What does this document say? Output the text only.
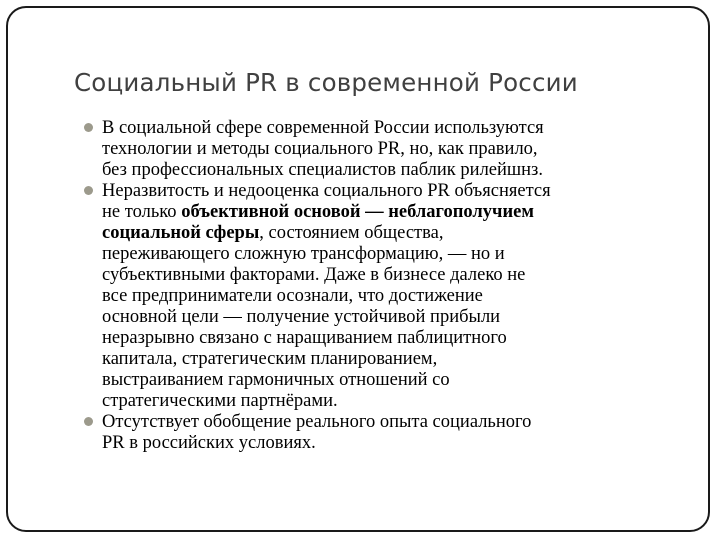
Социальный PR в современной России
В социальной сфере современной России используются
технологии и методы социального PR, но, как правило,
без профессиональных специалистов паблик рилейшнз.
Неразвитость и недооценка социального PR объясняется
не только объективной основой — неблагополучием
социальной сферы, состоянием общества,
переживающего сложную трансформацию, — но и
субъективными факторами. Даже в бизнесе далеко не
все предприниматели осознали, что достижение
основной цели — получение устойчивой прибыли
неразрывно связано с наращиванием паблицитного
капитала, стратегическим планированием,
выстраиванием гармоничных отношений со
стратегическими партнёрами.
Отсутствует обобщение реального опыта социального
PR в российских условиях.
